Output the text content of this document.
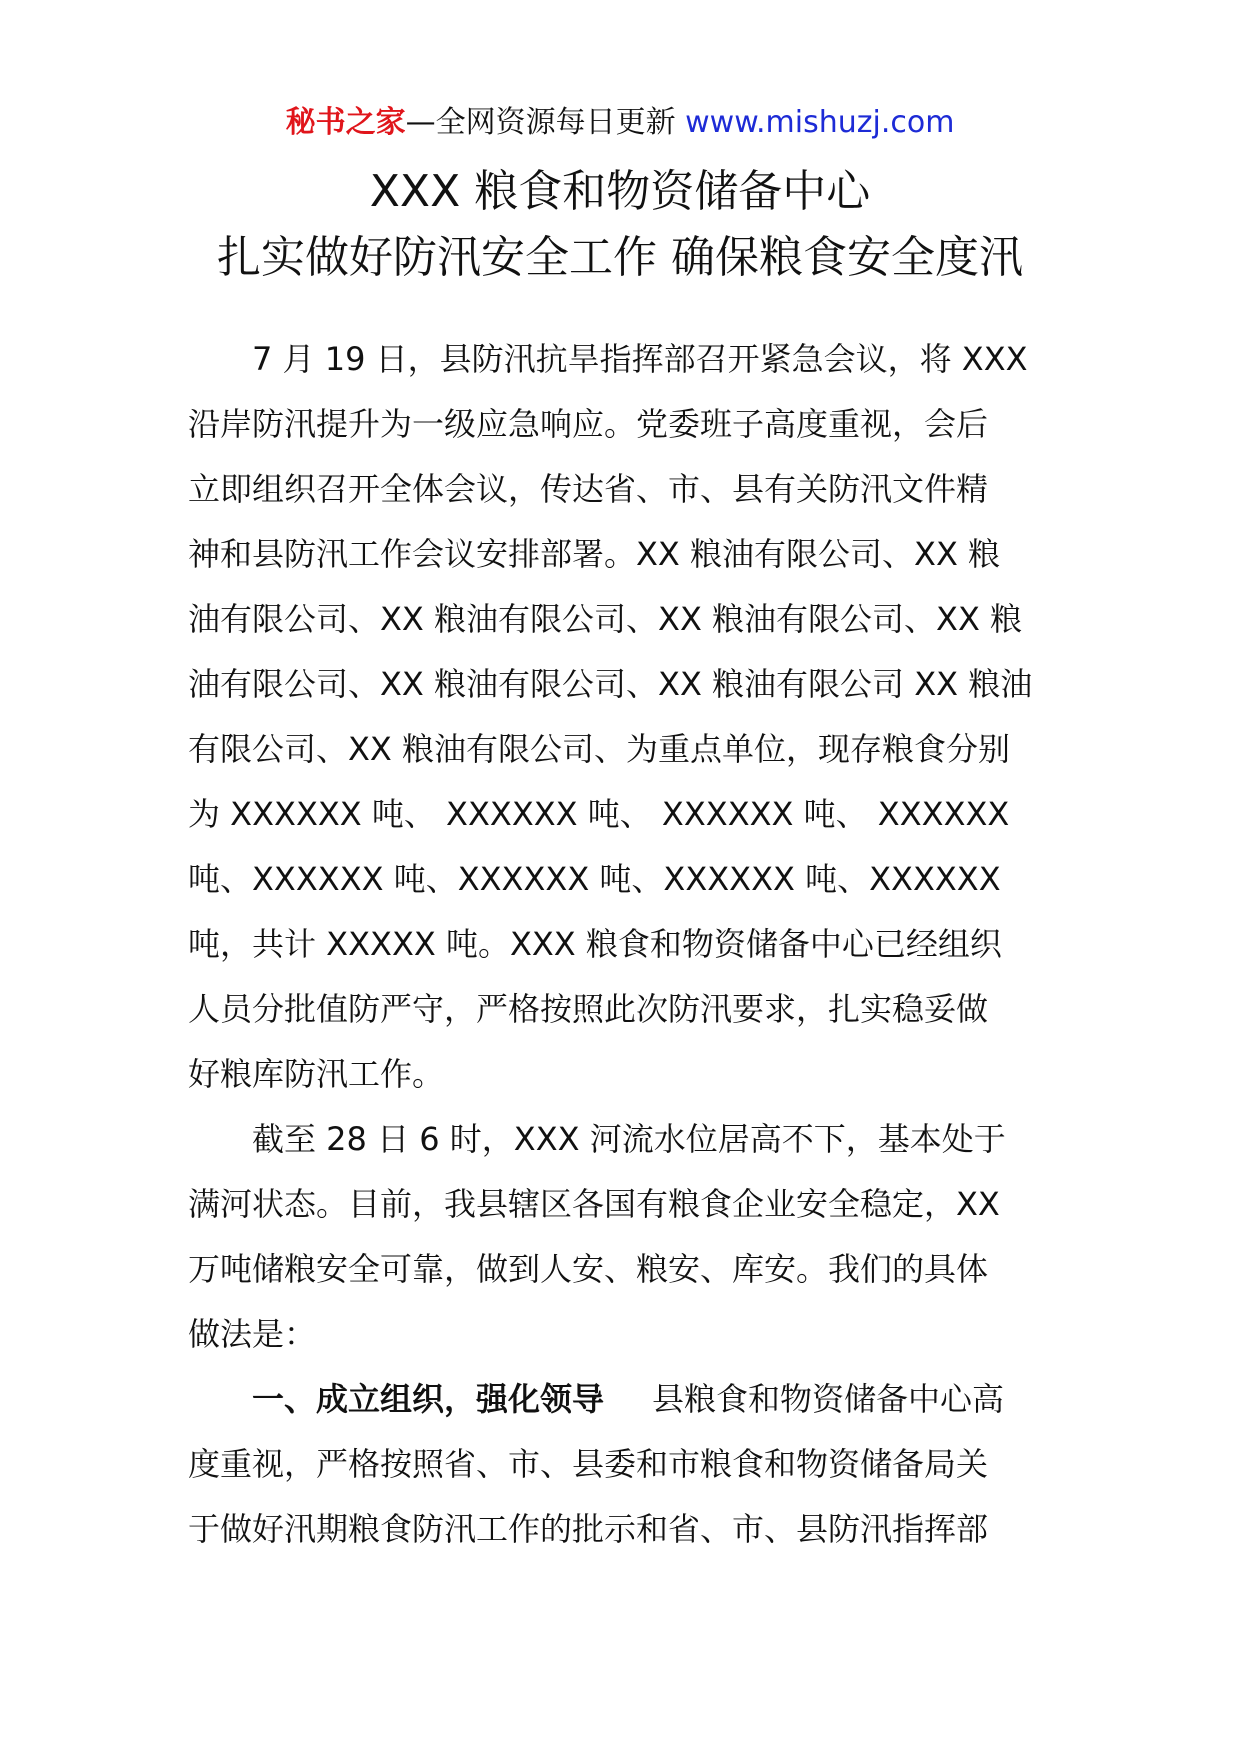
秘书之家—全网资源每日更新 www.mishuzj.com
XXX 粮食和物资储备中心
扎实做好防汛安全工作 确保粮食安全度汛
7 月 19 日，县防汛抗旱指挥部召开紧急会议，将 XXX
沿岸防汛提升为一级应急响应。党委班子高度重视，会后
立即组织召开全体会议，传达省、市、县有关防汛文件精
神和县防汛工作会议安排部署。XX 粮油有限公司、XX 粮
油有限公司、XX 粮油有限公司、XX 粮油有限公司、XX 粮
油有限公司、XX 粮油有限公司、XX 粮油有限公司 XX 粮油
有限公司、XX 粮油有限公司、为重点单位，现存粮食分别
为 XXXXXX 吨、 XXXXXX 吨、 XXXXXX 吨、 XXXXXX
吨、XXXXXX 吨、XXXXXX 吨、XXXXXX 吨、XXXXXX
吨，共计 XXXXX 吨。XXX 粮食和物资储备中心已经组织
人员分批值防严守，严格按照此次防汛要求，扎实稳妥做
好粮库防汛工作。
截至 28 日 6 时，XXX 河流水位居高不下，基本处于
满河状态。目前，我县辖区各国有粮食企业安全稳定，XX
万吨储粮安全可靠，做到人安、粮安、库安。我们的具体
做法是：
一、成立组织，强化领导 县粮食和物资储备中心高
度重视，严格按照省、市、县委和市粮食和物资储备局关
于做好汛期粮食防汛工作的批示和省、市、县防汛指挥部
